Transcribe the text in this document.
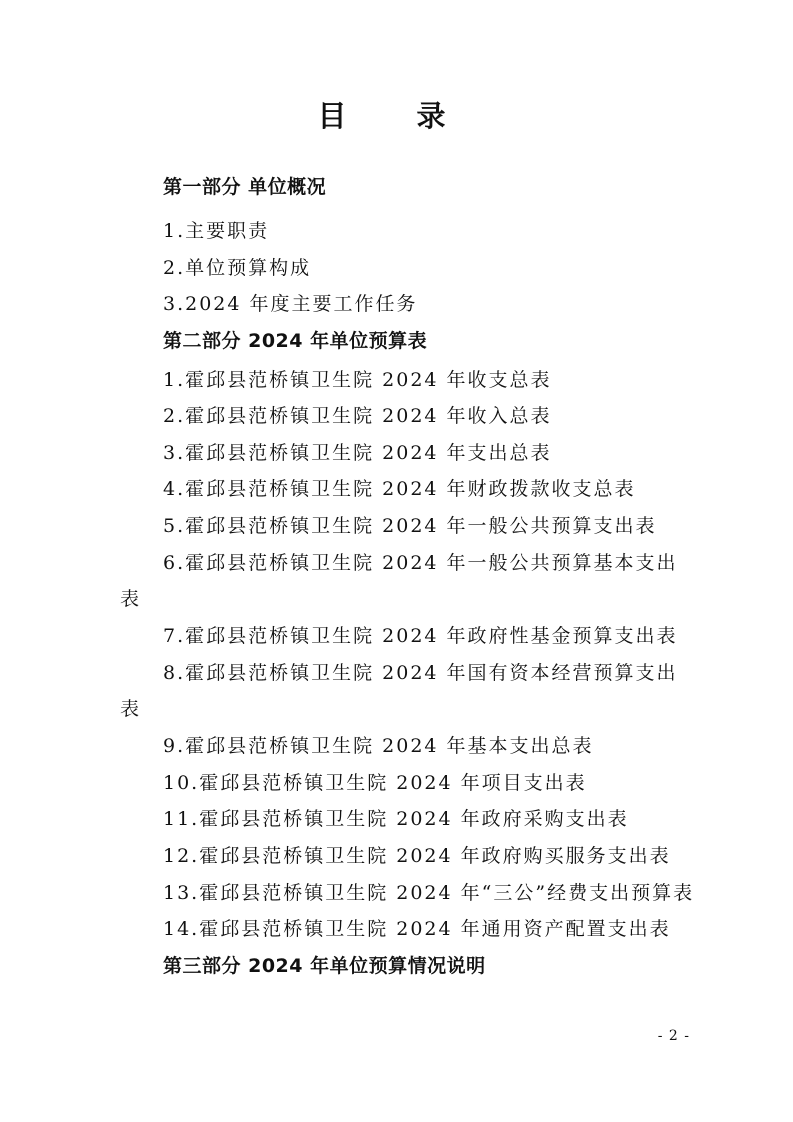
目 录
第一部分 单位概况
1.主要职责
2.单位预算构成
3.2024 年度主要工作任务
第二部分 2024 年单位预算表
1.霍邱县范桥镇卫生院 2024 年收支总表
2.霍邱县范桥镇卫生院 2024 年收入总表
3.霍邱县范桥镇卫生院 2024 年支出总表
4.霍邱县范桥镇卫生院 2024 年财政拨款收支总表
5.霍邱县范桥镇卫生院 2024 年一般公共预算支出表
6.霍邱县范桥镇卫生院 2024 年一般公共预算基本支出
表
7.霍邱县范桥镇卫生院 2024 年政府性基金预算支出表
8.霍邱县范桥镇卫生院 2024 年国有资本经营预算支出
表
9.霍邱县范桥镇卫生院 2024 年基本支出总表
10.霍邱县范桥镇卫生院 2024 年项目支出表
11.霍邱县范桥镇卫生院 2024 年政府采购支出表
12.霍邱县范桥镇卫生院 2024 年政府购买服务支出表
13.霍邱县范桥镇卫生院 2024 年“三公”经费支出预算表
14.霍邱县范桥镇卫生院 2024 年通用资产配置支出表
第三部分 2024 年单位预算情况说明
- 2 -
